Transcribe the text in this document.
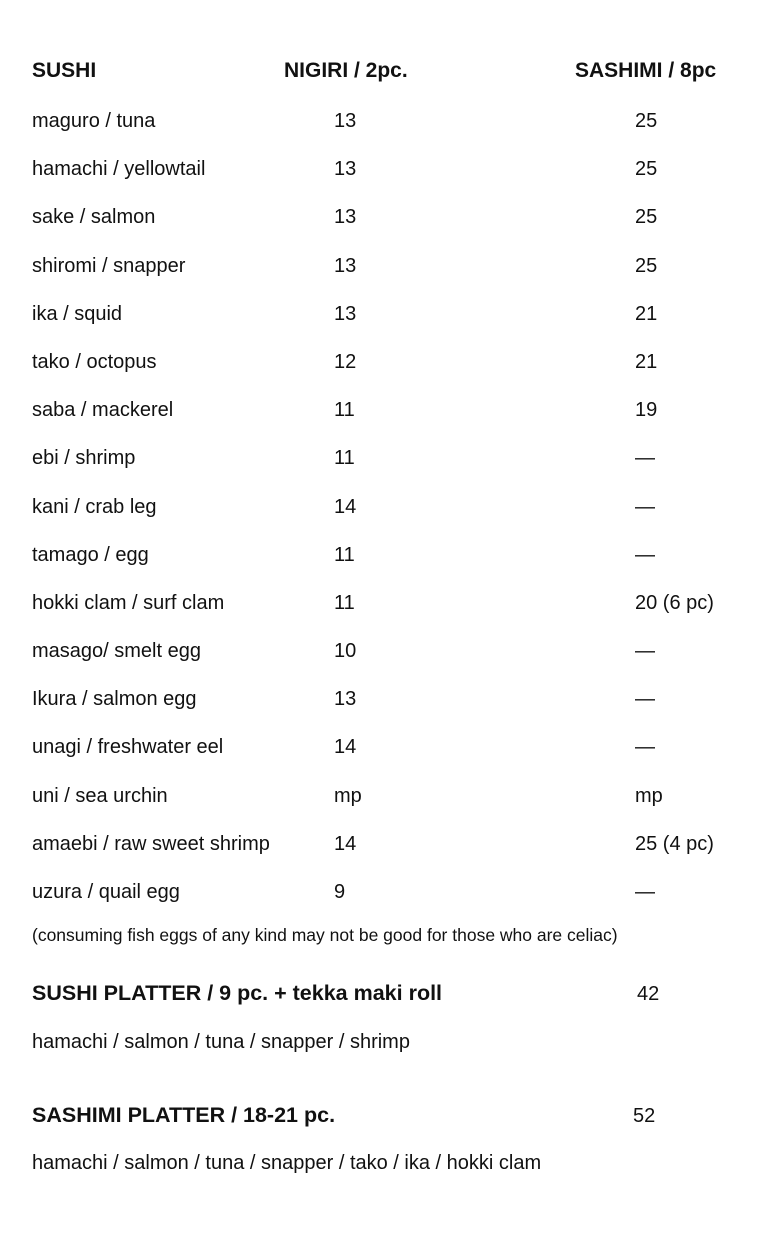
SUSHI	NIGIRI / 2pc.	SASHIMI / 8pc
maguro / tuna	13	25
hamachi / yellowtail	13	25
sake / salmon	13	25
shiromi / snapper	13	25
ika / squid	13	21
tako / octopus	12	21
saba / mackerel	11	19
ebi / shrimp	11	—
kani / crab leg	14	—
tamago / egg	11	—
hokki clam / surf clam	11	20 (6 pc)
masago/ smelt egg	10	—
Ikura / salmon egg	13	—
unagi / freshwater eel	14	—
uni / sea urchin	mp	mp
amaebi / raw sweet shrimp	14	25 (4 pc)
uzura / quail egg	9	—
(consuming fish eggs of any kind may not be good for those who are celiac)
SUSHI PLATTER / 9 pc. + tekka maki roll	42
hamachi / salmon / tuna / snapper / shrimp
SASHIMI PLATTER / 18-21 pc.	52
hamachi / salmon / tuna / snapper / tako / ika / hokki clam
